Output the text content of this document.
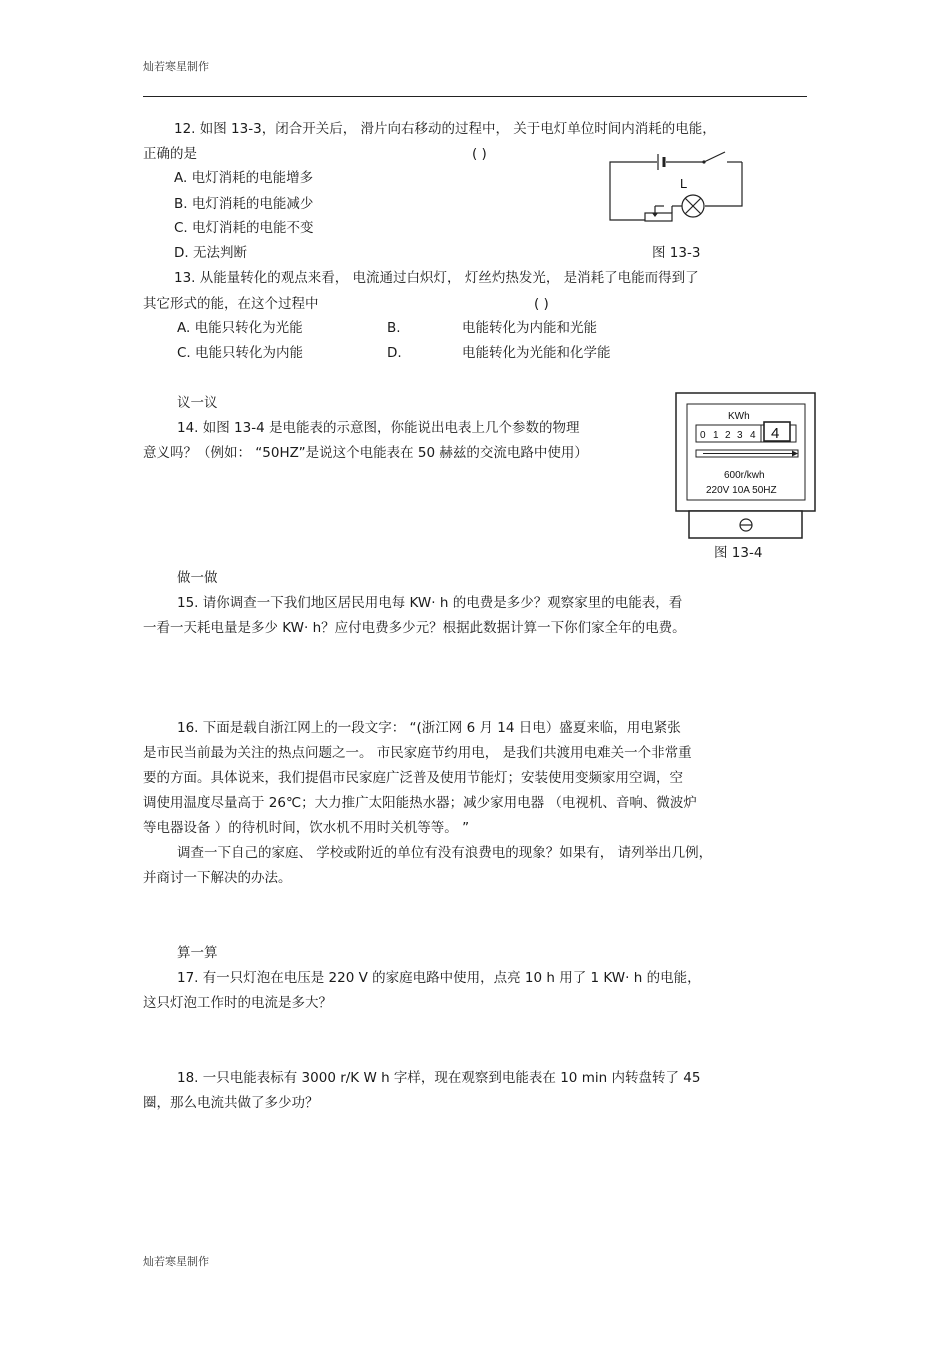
灿若寒星制作
12. 如图 13-3，闭合开关后， 滑片向右移动的过程中， 关于电灯单位时间内消耗的电能，
正确的是	( )
A. 电灯消耗的电能增多
B. 电灯消耗的电能减少
C. 电灯消耗的电能不变
D. 无法判断
L
图 13-3
13. 从能量转化的观点来看， 电流通过白炽灯， 灯丝灼热发光， 是消耗了电能而得到了
其它形式的能，在这个过程中	( )
A. 电能只转化为光能	B.	电能转化为内能和光能
C. 电能只转化为内能	D.	电能转化为光能和化学能
议一议
14. 如图 13-4 是电能表的示意图，你能说出电表上几个参数的物理
意义吗？（例如： “50HZ”是说这个电能表在 50 赫兹的交流电路中使用）
KWh
0 1 2 3 4 4
600r/kwh
220V 10A 50HZ
图 13-4
做一做
15. 请你调查一下我们地区居民用电每 KW· h 的电费是多少？观察家里的电能表，看
一看一天耗电量是多少 KW· h？应付电费多少元？根据此数据计算一下你们家全年的电费。
16. 下面是载自浙江网上的一段文字： “(浙江网 6 月 14 日电）盛夏来临，用电紧张
是市民当前最为关注的热点问题之一。 市民家庭节约用电， 是我们共渡用电难关一个非常重
要的方面。具体说来，我们提倡市民家庭广泛普及使用节能灯；安装使用变频家用空调，空
调使用温度尽量高于 26℃；大力推广太阳能热水器；减少家用电器 （电视机、音响、微波炉
等电器设备 ）的待机时间，饮水机不用时关机等等。 ”
调查一下自己的家庭、 学校或附近的单位有没有浪费电的现象？如果有， 请列举出几例，
并商讨一下解决的办法。
算一算
17. 有一只灯泡在电压是 220 V 的家庭电路中使用，点亮 10 h 用了 1 KW· h 的电能，
这只灯泡工作时的电流是多大？
18. 一只电能表标有 3000 r/K W h 字样，现在观察到电能表在 10 min 内转盘转了 45
圈，那么电流共做了多少功？
灿若寒星制作
